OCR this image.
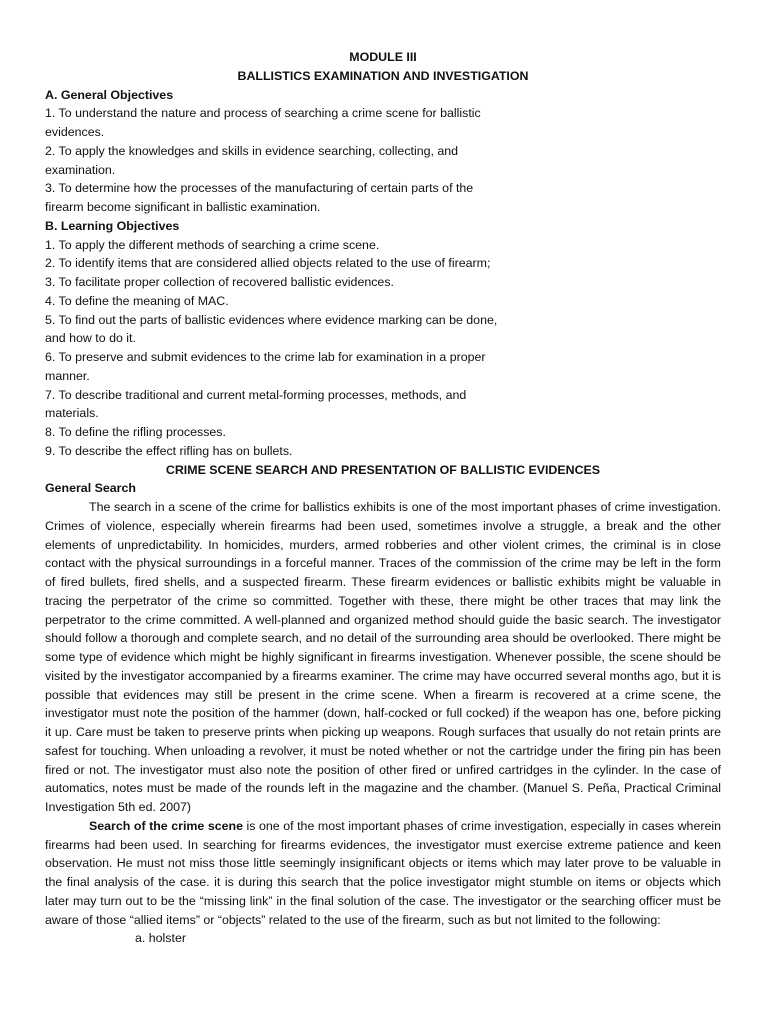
MODULE III
BALLISTICS EXAMINATION AND INVESTIGATION
A. General Objectives
1. To understand the nature and process of searching a crime scene for ballistic
evidences.
2. To apply the knowledges and skills in evidence searching, collecting, and
examination.
3. To determine how the processes of the manufacturing of certain parts of the
firearm become significant in ballistic examination.
B. Learning Objectives
1. To apply the different methods of searching a crime scene.
2. To identify items that are considered allied objects related to the use of firearm;
3. To facilitate proper collection of recovered ballistic evidences.
4. To define the meaning of MAC.
5. To find out the parts of ballistic evidences where evidence marking can be done,
and how to do it.
6. To preserve and submit evidences to the crime lab for examination in a proper
manner.
7. To describe traditional and current metal-forming processes, methods, and
materials.
8. To define the rifling processes.
9. To describe the effect rifling has on bullets.
CRIME SCENE SEARCH AND PRESENTATION OF BALLISTIC EVIDENCES
General Search
The search in a scene of the crime for ballistics exhibits is one of the most important phases of crime investigation. Crimes of violence, especially wherein firearms had been used, sometimes involve a struggle, a break and the other elements of unpredictability. In homicides, murders, armed robberies and other violent crimes, the criminal is in close contact with the physical surroundings in a forceful manner. Traces of the commission of the crime may be left in the form of fired bullets, fired shells, and a suspected firearm. These firearm evidences or ballistic exhibits might be valuable in tracing the perpetrator of the crime so committed. Together with these, there might be other traces that may link the perpetrator to the crime committed. A well-planned and organized method should guide the basic search. The investigator should follow a thorough and complete search, and no detail of the surrounding area should be overlooked. There might be some type of evidence which might be highly significant in firearms investigation. Whenever possible, the scene should be visited by the investigator accompanied by a firearms examiner. The crime may have occurred several months ago, but it is possible that evidences may still be present in the crime scene. When a firearm is recovered at a crime scene, the investigator must note the position of the hammer (down, half-cocked or full cocked) if the weapon has one, before picking it up. Care must be taken to preserve prints when picking up weapons. Rough surfaces that usually do not retain prints are safest for touching. When unloading a revolver, it must be noted whether or not the cartridge under the firing pin has been fired or not. The investigator must also note the position of other fired or unfired cartridges in the cylinder. In the case of automatics, notes must be made of the rounds left in the magazine and the chamber. (Manuel S. Peña, Practical Criminal Investigation 5th ed. 2007)
Search of the crime scene is one of the most important phases of crime investigation, especially in cases wherein firearms had been used. In searching for firearms evidences, the investigator must exercise extreme patience and keen observation. He must not miss those little seemingly insignificant objects or items which may later prove to be valuable in the final analysis of the case. it is during this search that the police investigator might stumble on items or objects which later may turn out to be the “missing link” in the final solution of the case. The investigator or the searching officer must be aware of those “allied items” or “objects” related to the use of the firearm, such as but not limited to the following:
a. holster
